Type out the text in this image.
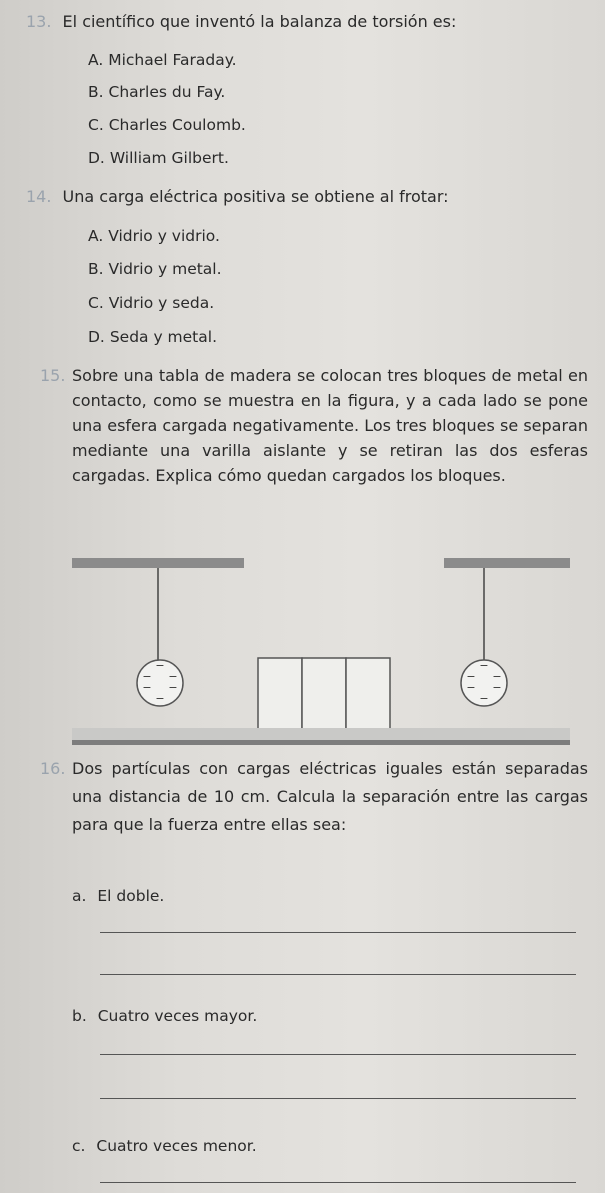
13. El científico que inventó la balanza de torsión es:
A. Michael Faraday.
B. Charles du Fay.
C. Charles Coulomb.
D. William Gilbert.
14. Una carga eléctrica positiva se obtiene al frotar:
A. Vidrio y vidrio.
B. Vidrio y metal.
C. Vidrio y seda.
D. Seda y metal.
15. Sobre una tabla de madera se colocan tres bloques de metal en contacto, como se muestra en la figura, y a cada lado se pone una esfera cargada negativamente. Los tres bloques se separan mediante una varilla aislante y se retiran las dos esferas cargadas. Explica cómo quedan cargados los bloques.
−
− −
− −
−
−
− −
− −
−
16. Dos partículas con cargas eléctricas iguales están separadas una distancia de 10 cm. Calcula la separación entre las cargas para que la fuerza entre ellas sea:
a. El doble.
b. Cuatro veces mayor.
c. Cuatro veces menor.
